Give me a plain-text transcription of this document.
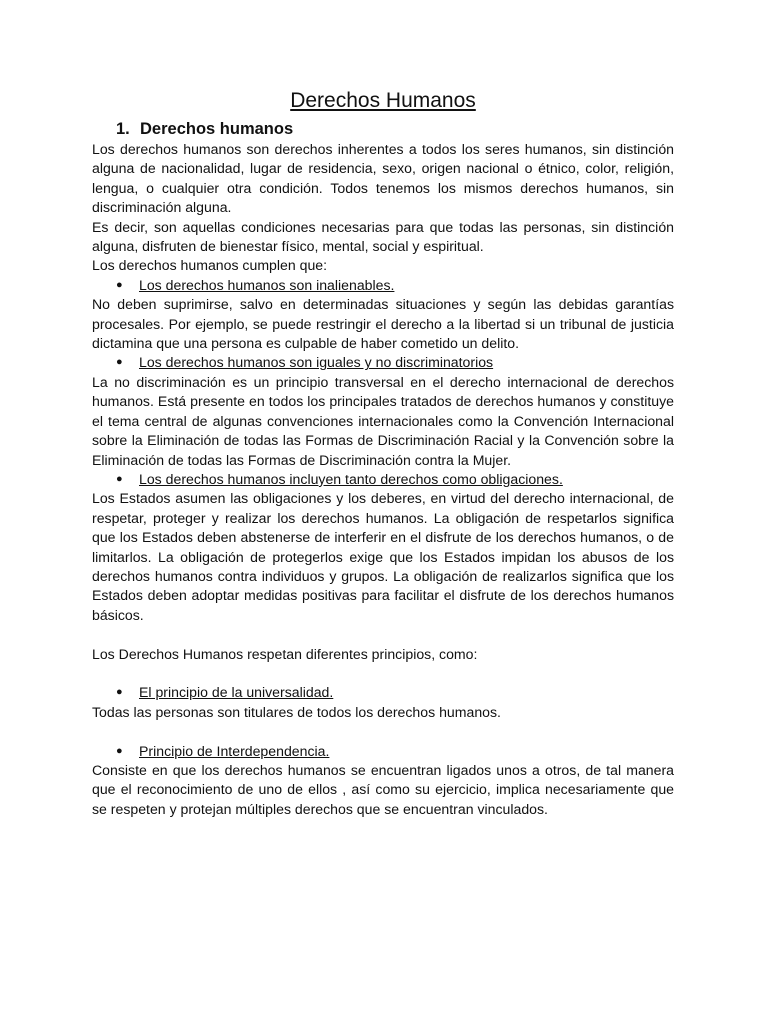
Derechos Humanos
1. Derechos humanos

Los derechos humanos son derechos inherentes a todos los seres humanos, sin distinción alguna de nacionalidad, lugar de residencia, sexo, origen nacional o étnico, color, religión, lengua, o cualquier otra condición. Todos tenemos los mismos derechos humanos, sin discriminación alguna.

Es decir, son aquellas condiciones necesarias para que todas las personas, sin distinción alguna, disfruten de bienestar físico, mental, social y espiritual.

Los derechos humanos cumplen que:

●	Los derechos humanos son inalienables.

No deben suprimirse, salvo en determinadas situaciones y según las debidas garantías procesales. Por ejemplo, se puede restringir el derecho a la libertad si un tribunal de justicia dictamina que una persona es culpable de haber cometido un delito.

●	Los derechos humanos son iguales y no discriminatorios

La no discriminación es un principio transversal en el derecho internacional de derechos humanos. Está presente en todos los principales tratados de derechos humanos y constituye el tema central de algunas convenciones internacionales como la Convención Internacional sobre la Eliminación de todas las Formas de Discriminación Racial y la Convención sobre la Eliminación de todas las Formas de Discriminación contra la Mujer.

●	Los derechos humanos incluyen tanto derechos como obligaciones.

Los Estados asumen las obligaciones y los deberes, en virtud del derecho internacional, de respetar, proteger y realizar los derechos humanos. La obligación de respetarlos significa que los Estados deben abstenerse de interferir en el disfrute de los derechos humanos, o de limitarlos. La obligación de protegerlos exige que los Estados impidan los abusos de los derechos humanos contra individuos y grupos. La obligación de realizarlos significa que los Estados deben adoptar medidas positivas para facilitar el disfrute de los derechos humanos básicos.

Los Derechos Humanos respetan diferentes principios, como:

●	El principio de la universalidad.

Todas las personas son titulares de todos los derechos humanos.

●	Principio de Interdependencia.

Consiste en que los derechos humanos se encuentran ligados unos a otros, de tal manera que el reconocimiento de uno de ellos , así como su ejercicio, implica necesariamente que se respeten y protejan múltiples derechos que se encuentran vinculados.
